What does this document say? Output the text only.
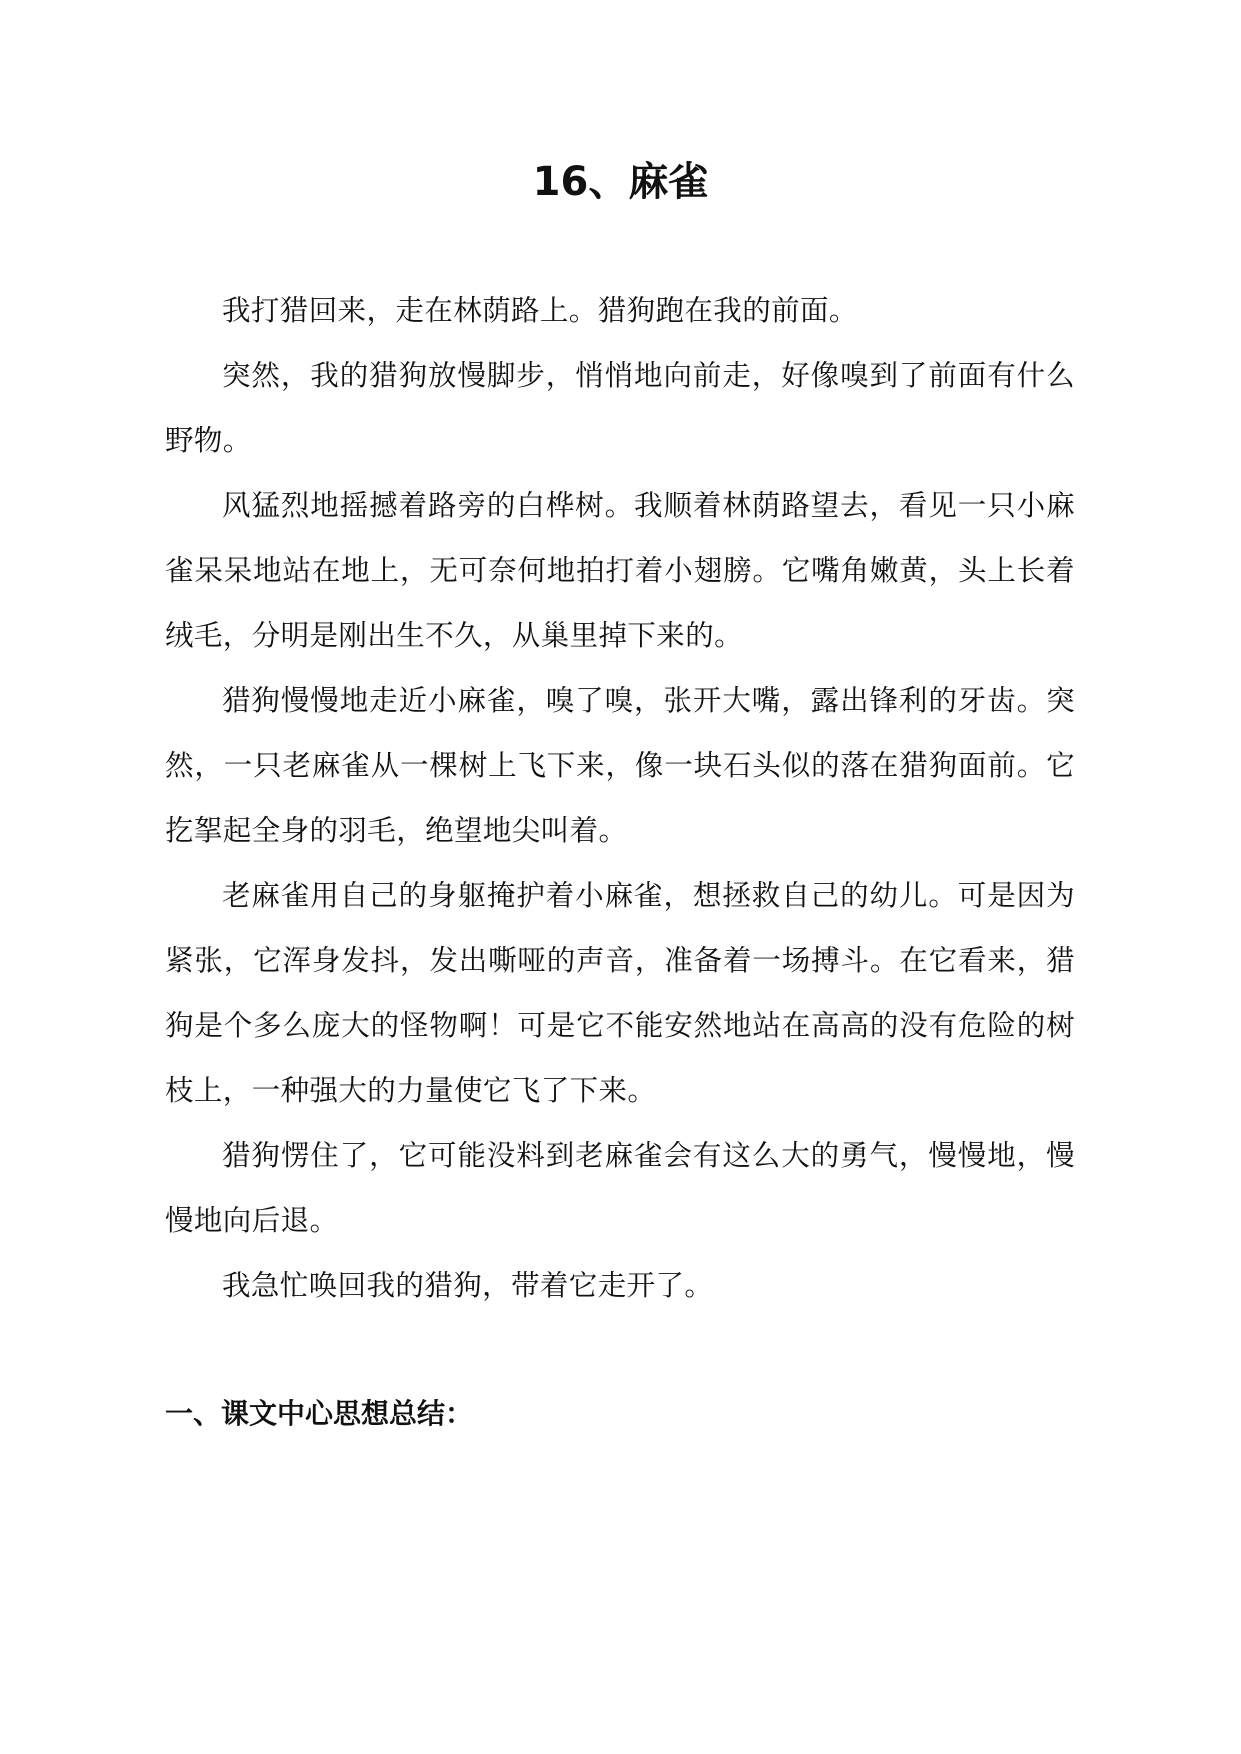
16、麻雀

我打猎回来，走在林荫路上。猎狗跑在我的前面。

突然，我的猎狗放慢脚步，悄悄地向前走，好像嗅到了前面有什么野物。

风猛烈地摇撼着路旁的白桦树。我顺着林荫路望去，看见一只小麻雀呆呆地站在地上，无可奈何地拍打着小翅膀。它嘴角嫩黄，头上长着绒毛，分明是刚出生不久，从巢里掉下来的。

猎狗慢慢地走近小麻雀，嗅了嗅，张开大嘴，露出锋利的牙齿。突然，一只老麻雀从一棵树上飞下来，像一块石头似的落在猎狗面前。它扢挐起全身的羽毛，绝望地尖叫着。

老麻雀用自己的身躯掩护着小麻雀，想拯救自己的幼儿。可是因为紧张，它浑身发抖，发出嘶哑的声音，准备着一场搏斗。在它看来，猎狗是个多么庞大的怪物啊！可是它不能安然地站在高高的没有危险的树枝上，一种强大的力量使它飞了下来。

猎狗愣住了，它可能没料到老麻雀会有这么大的勇气，慢慢地，慢慢地向后退。

我急忙唤回我的猎狗，带着它走开了。

一、课文中心思想总结：
